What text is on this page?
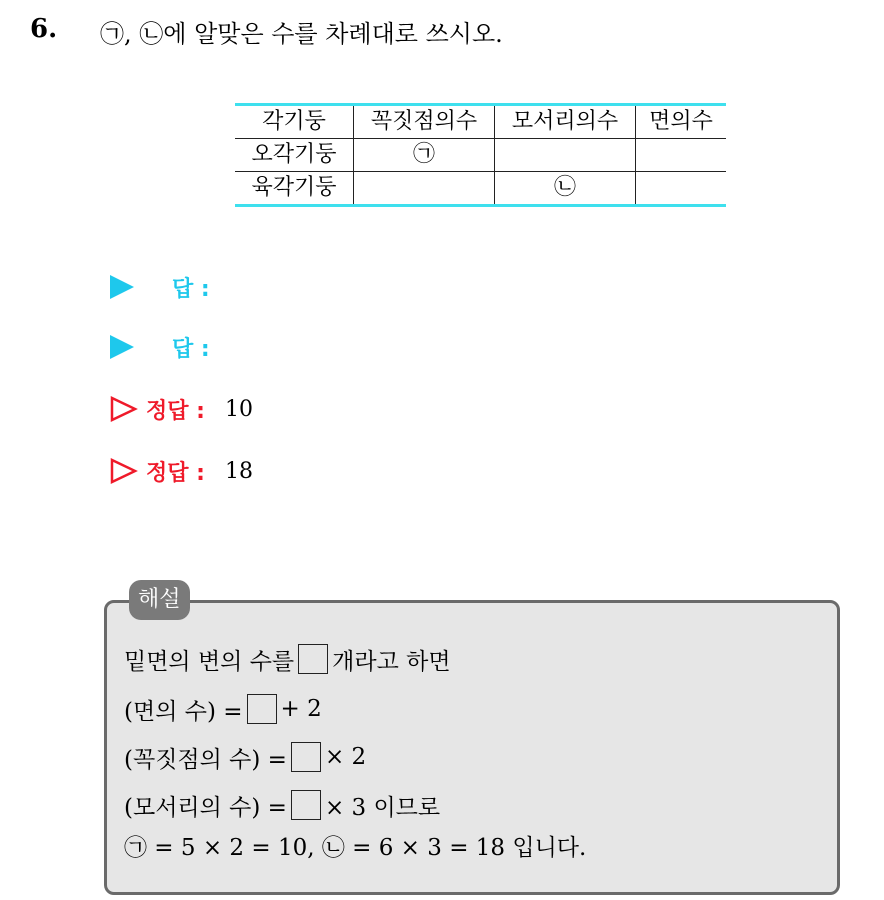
6. ㉠, ㉡에 알맞은 수를 차례대로 쓰시오.
각기둥	꼭짓점의수	모서리의수	면의수
오각기둥	㉠		
육각기둥		㉡	
답 :
답 :
정답 : 10
정답 : 18
해설
밑면의 변의 수를 개라고 하면
(면의 수) = + 2
(꼭짓점의 수) = × 2
(모서리의 수) = × 3 이므로
㉠ = 5 × 2 = 10, ㉡ = 6 × 3 = 18 입니다.
